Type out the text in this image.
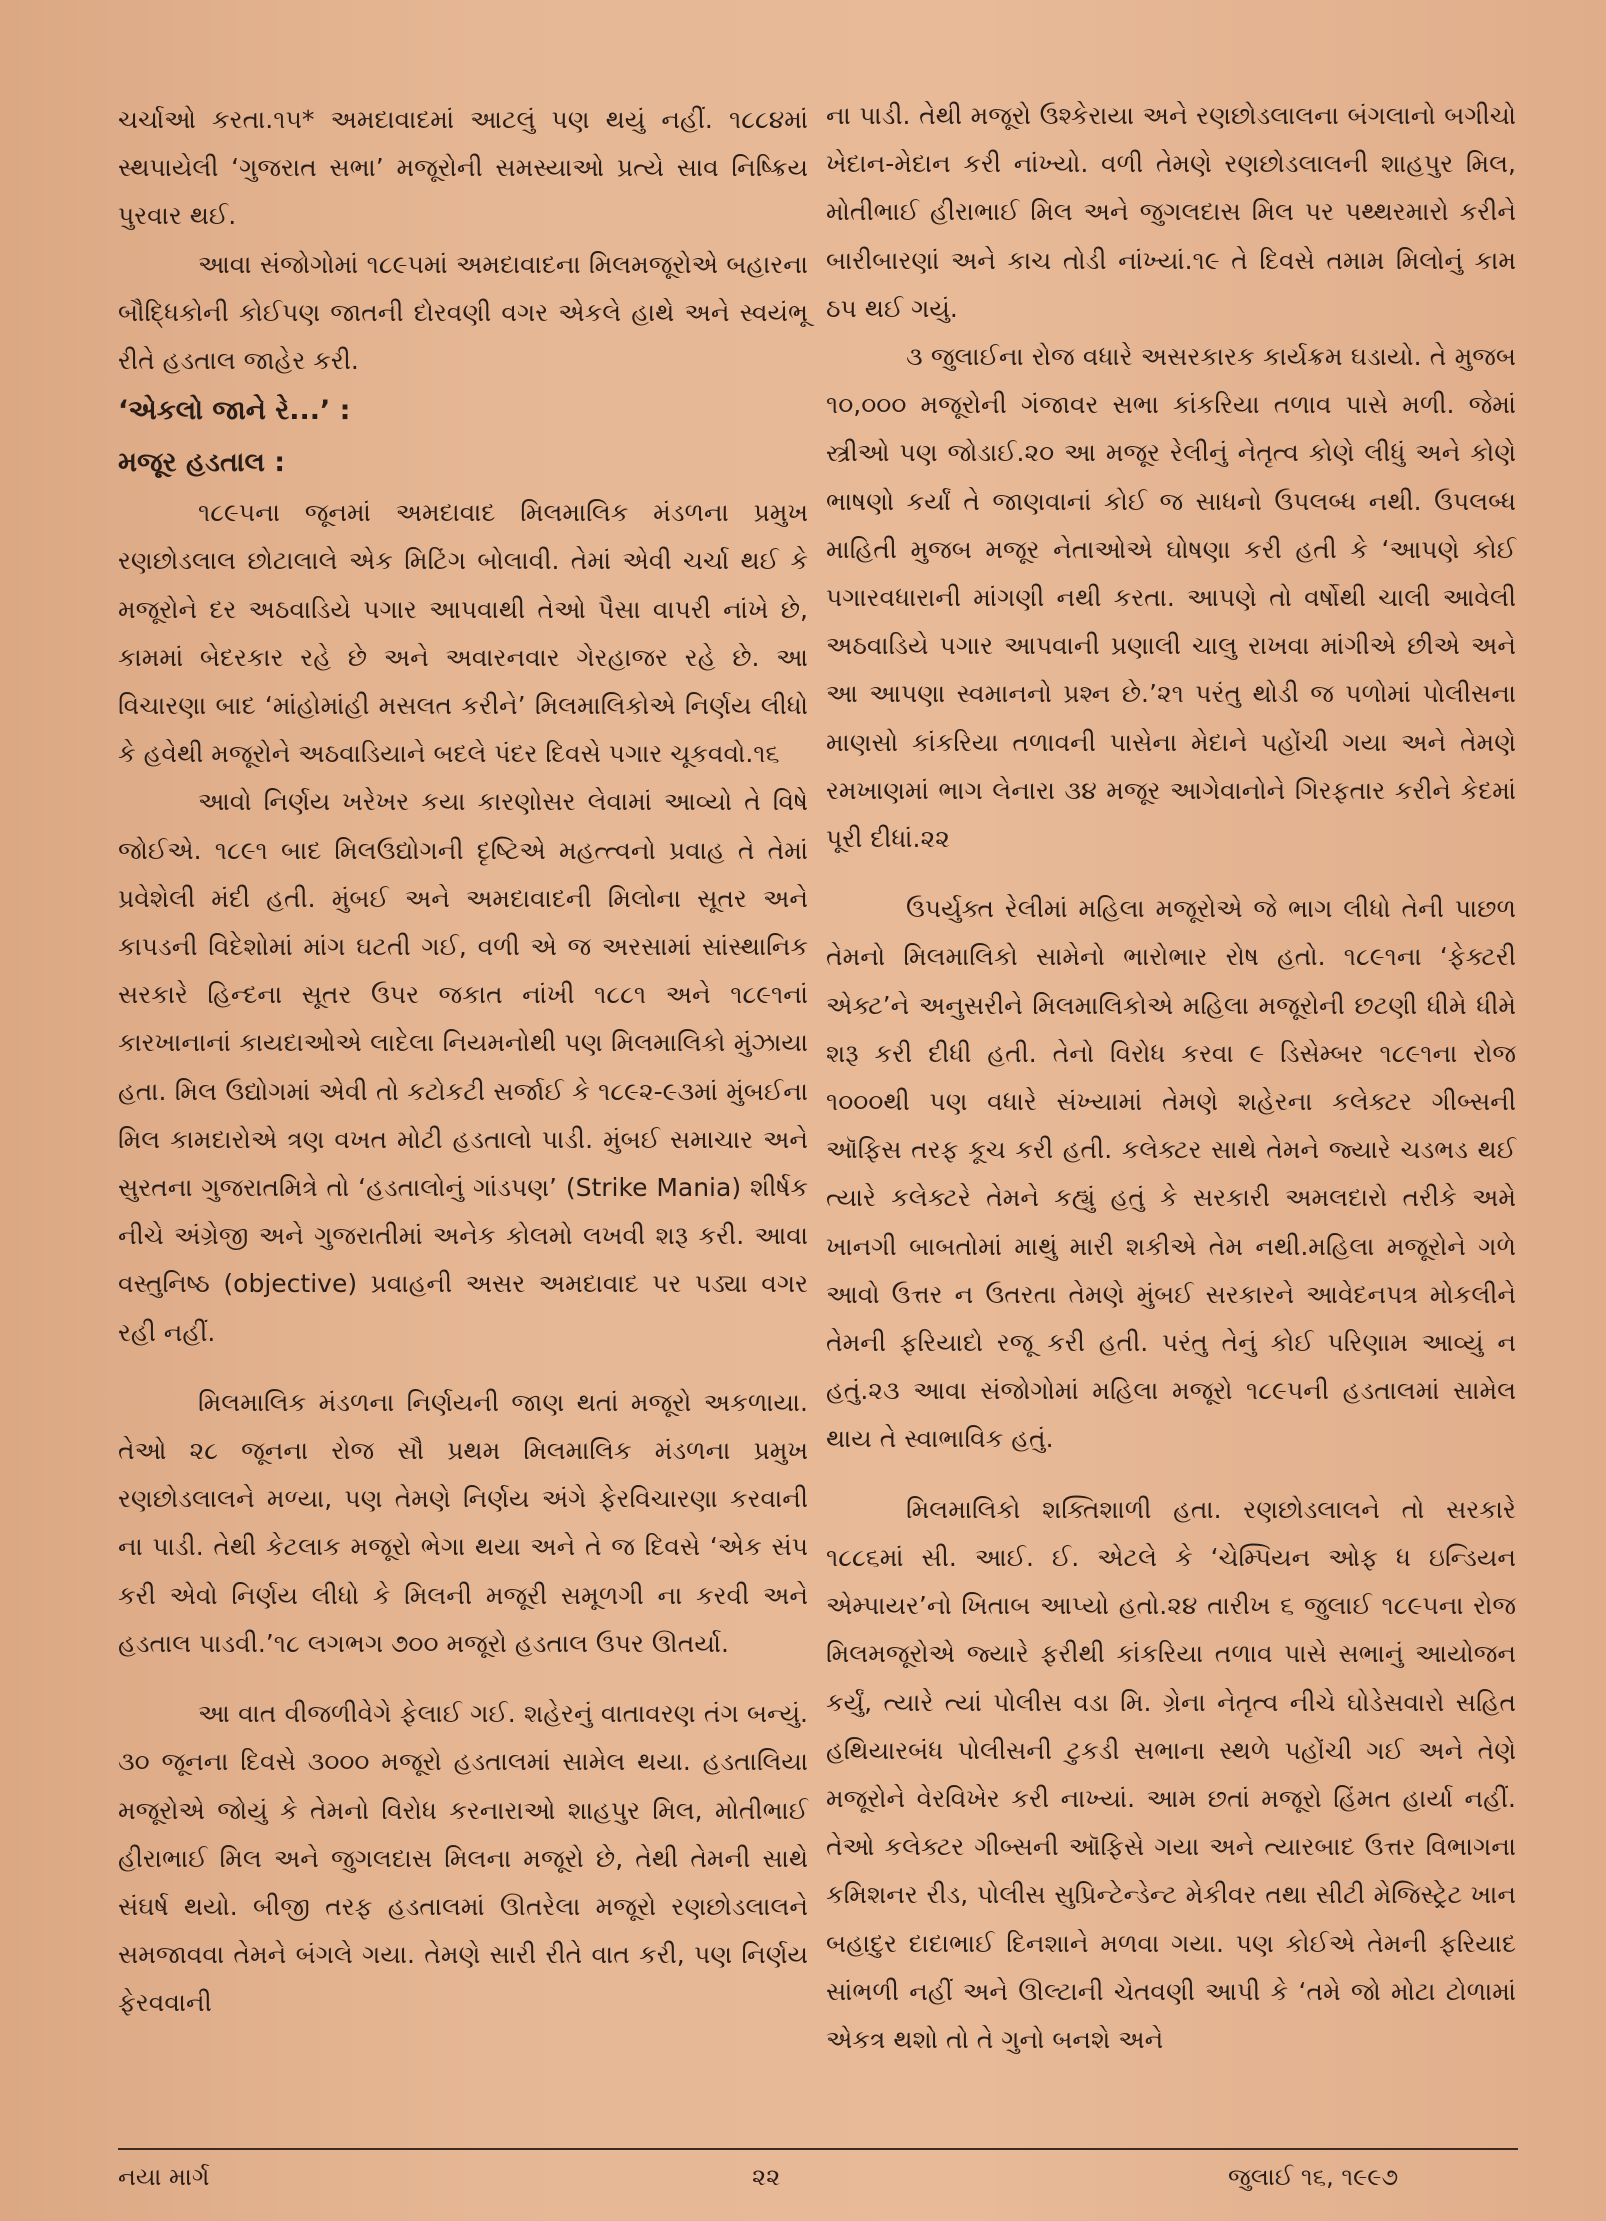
ચર્ચાઓ કરતા.૧૫* અમદાવાદમાં આટલું પણ થયું નહીં. ૧૮૮૪માં સ્થપાયેલી ‘ગુજરાત સભા’ મજૂરોની સમસ્યાઓ પ્રત્યે સાવ નિષ્ક્રિય પુરવાર થઈ.

આવા સંજોગોમાં ૧૮૯૫માં અમદાવાદના મિલમજૂરોએ બહારના બૌદ્ધિકોની કોઈપણ જાતની દોરવણી વગર એકલે હાથે અને સ્વયંભૂ રીતે હડતાલ જાહેર કરી.

‘એકલો જાને રે...’ :

મજૂર હડતાલ :

૧૮૯૫ના જૂનમાં અમદાવાદ મિલમાલિક મંડળના પ્રમુખ રણછોડલાલ છોટાલાલે એક મિટિંગ બોલાવી. તેમાં એવી ચર્ચા થઈ કે મજૂરોને દર અઠવાડિયે પગાર આપવાથી તેઓ પૈસા વાપરી નાંખે છે, કામમાં બેદરકાર રહે છે અને અવારનવાર ગેરહાજર રહે છે. આ વિચારણા બાદ ‘માંહોમાંહી મસલત કરીને’ મિલમાલિકોએ નિર્ણય લીધો કે હવેથી મજૂરોને અઠવાડિયાને બદલે પંદર દિવસે પગાર ચૂકવવો.૧૬

આવો નિર્ણય ખરેખર કયા કારણોસર લેવામાં આવ્યો તે વિષે જોઈએ. ૧૮૯૧ બાદ મિલઉદ્યોગની દૃષ્ટિએ મહત્ત્વનો પ્રવાહ તે તેમાં પ્રવેશેલી મંદી હતી. મુંબઈ અને અમદાવાદની મિલોના સૂતર અને કાપડની વિદેશોમાં માંગ ઘટતી ગઈ, વળી એ જ અરસામાં સાંસ્થાનિક સરકારે હિન્દના સૂતર ઉપર જકાત નાંખી ૧૮૮૧ અને ૧૮૯૧નાં કારખાનાનાં કાયદાઓએ લાદેલા નિયમનોથી પણ મિલમાલિકો મુંઝાયા હતા. મિલ ઉદ્યોગમાં એવી તો કટોકટી સર્જાઈ કે ૧૮૯૨-૯૩માં મુંબઈના મિલ કામદારોએ ત્રણ વખત મોટી હડતાલો પાડી. મુંબઈ સમાચાર અને સુરતના ગુજરાતમિત્રે તો ‘હડતાલોનું ગાંડપણ’ (Strike Mania) શીર્ષક નીચે અંગ્રેજી અને ગુજરાતીમાં અનેક કોલમો લખવી શરૂ કરી. આવા વસ્તુનિષ્ઠ (objective) પ્રવાહની અસર અમદાવાદ પર પડ્યા વગર રહી નહીં.

મિલમાલિક મંડળના નિર્ણયની જાણ થતાં મજૂરો અકળાયા. તેઓ ૨૮ જૂનના રોજ સૌ પ્રથમ મિલમાલિક મંડળના પ્રમુખ રણછોડલાલને મળ્યા, પણ તેમણે નિર્ણય અંગે ફેરવિચારણા કરવાની ના પાડી. તેથી કેટલાક મજૂરો ભેગા થયા અને તે જ દિવસે ‘એક સંપ કરી એવો નિર્ણય લીધો કે મિલની મજૂરી સમૂળગી ના કરવી અને હડતાલ પાડવી.’૧૮ લગભગ ૭૦૦ મજૂરો હડતાલ ઉપર ઊતર્યા.

આ વાત વીજળીવેગે ફેલાઈ ગઈ. શહેરનું વાતાવરણ તંગ બન્યું. ૩૦ જૂનના દિવસે ૩૦૦૦ મજૂરો હડતાલમાં સામેલ થયા. હડતાલિયા મજૂરોએ જોયું કે તેમનો વિરોધ કરનારાઓ શાહપુર મિલ, મોતીભાઈ હીરાભાઈ મિલ અને જુગલદાસ મિલના મજૂરો છે, તેથી તેમની સાથે સંઘર્ષ થયો. બીજી તરફ હડતાલમાં ઊતરેલા મજૂરો રણછોડલાલને સમજાવવા તેમને બંગલે ગયા. તેમણે સારી રીતે વાત કરી, પણ નિર્ણય ફેરવવાની

ના પાડી. તેથી મજૂરો ઉશ્કેરાયા અને રણછોડલાલના બંગલાનો બગીચો ખેદાન-મેદાન કરી નાંખ્યો. વળી તેમણે રણછોડલાલની શાહપુર મિલ, મોતીભાઈ હીરાભાઈ મિલ અને જુગલદાસ મિલ પર પથ્થરમારો કરીને બારીબારણાં અને કાચ તોડી નાંખ્યાં.૧૯ તે દિવસે તમામ મિલોનું કામ ઠપ થઈ ગયું.

૩ જુલાઈના રોજ વધારે અસરકારક કાર્યક્રમ ઘડાયો. તે મુજબ ૧૦,૦૦૦ મજૂરોની ગંજાવર સભા કાંકરિયા તળાવ પાસે મળી. જેમાં સ્ત્રીઓ પણ જોડાઈ.૨૦ આ મજૂર રેલીનું નેતૃત્વ કોણે લીધું અને કોણે ભાષણો કર્યાં તે જાણવાનાં કોઈ જ સાધનો ઉપલબ્ધ નથી. ઉપલબ્ધ માહિતી મુજબ મજૂર નેતાઓએ ઘોષણા કરી હતી કે ‘આપણે કોઈ પગારવધારાની માંગણી નથી કરતા. આપણે તો વર્ષોથી ચાલી આવેલી અઠવાડિયે પગાર આપવાની પ્રણાલી ચાલુ રાખવા માંગીએ છીએ અને આ આપણા સ્વમાનનો પ્રશ્ન છે.’૨૧ પરંતુ થોડી જ પળોમાં પોલીસના માણસો કાંકરિયા તળાવની પાસેના મેદાને પહોંચી ગયા અને તેમણે રમખાણમાં ભાગ લેનારા ૩૪ મજૂર આગેવાનોને ગિરફતાર કરીને કેદમાં પૂરી દીધાં.૨૨

ઉપર્યુક્ત રેલીમાં મહિલા મજૂરોએ જે ભાગ લીધો તેની પાછળ તેમનો મિલમાલિકો સામેનો ભારોભાર રોષ હતો. ૧૮૯૧ના ‘ફેક્ટરી એક્ટ’ને અનુસરીને મિલમાલિકોએ મહિલા મજૂરોની છટણી ધીમે ધીમે શરૂ કરી દીધી હતી. તેનો વિરોધ કરવા ૯ ડિસેમ્બર ૧૮૯૧ના રોજ ૧૦૦૦થી પણ વધારે સંખ્યામાં તેમણે શહેરના કલેક્ટર ગીબ્સની ઑફિસ તરફ કૂચ કરી હતી. કલેક્ટર સાથે તેમને જ્યારે ચડભડ થઈ ત્યારે કલેક્ટરે તેમને કહ્યું હતું કે સરકારી અમલદારો તરીકે અમે ખાનગી બાબતોમાં માથું મારી શકીએ તેમ નથી.મહિલા મજૂરોને ગળે આવો ઉત્તર ન ઉતરતા તેમણે મુંબઈ સરકારને આવેદનપત્ર મોકલીને તેમની ફરિયાદો રજૂ કરી હતી. પરંતુ તેનું કોઈ પરિણામ આવ્યું ન હતું.૨૩ આવા સંજોગોમાં મહિલા મજૂરો ૧૮૯૫ની હડતાલમાં સામેલ થાય તે સ્વાભાવિક હતું.

મિલમાલિકો શક્તિશાળી હતા. રણછોડલાલને તો સરકારે ૧૮૮૬માં સી. આઈ. ઈ. એટલે કે ‘ચેમ્પિયન ઓફ ધ ઇન્ડિયન એમ્પાયર’નો ખિતાબ આપ્યો હતો.૨૪ તારીખ ૬ જુલાઈ ૧૮૯૫ના રોજ મિલમજૂરોએ જ્યારે ફરીથી કાંકરિયા તળાવ પાસે સભાનું આયોજન કર્યું, ત્યારે ત્યાં પોલીસ વડા મિ. ગ્રેના નેતૃત્વ નીચે ઘોડેસવારો સહિત હથિયારબંધ પોલીસની ટુકડી સભાના સ્થળે પહોંચી ગઈ અને તેણે મજૂરોને વેરવિખેર કરી નાખ્યાં. આમ છતાં મજૂરો હિંમત હાર્યા નહીં. તેઓ કલેક્ટર ગીબ્સની ઑફિસે ગયા અને ત્યારબાદ ઉત્તર વિભાગના કમિશનર રીડ, પોલીસ સુપ્રિન્ટેન્ડેન્ટ મેકીવર તથા સીટી મેજિસ્ટ્રેટ ખાન બહાદુર દાદાભાઈ દિનશાને મળવા ગયા. પણ કોઈએ તેમની ફરિયાદ સાંભળી નહીં અને ઊલ્ટાની ચેતવણી આપી કે ‘તમે જો મોટા ટોળામાં એકત્ર થશો તો તે ગુનો બનશે અને

નયા માર્ગ	૨૨	જુલાઈ ૧૬, ૧૯૯૭
